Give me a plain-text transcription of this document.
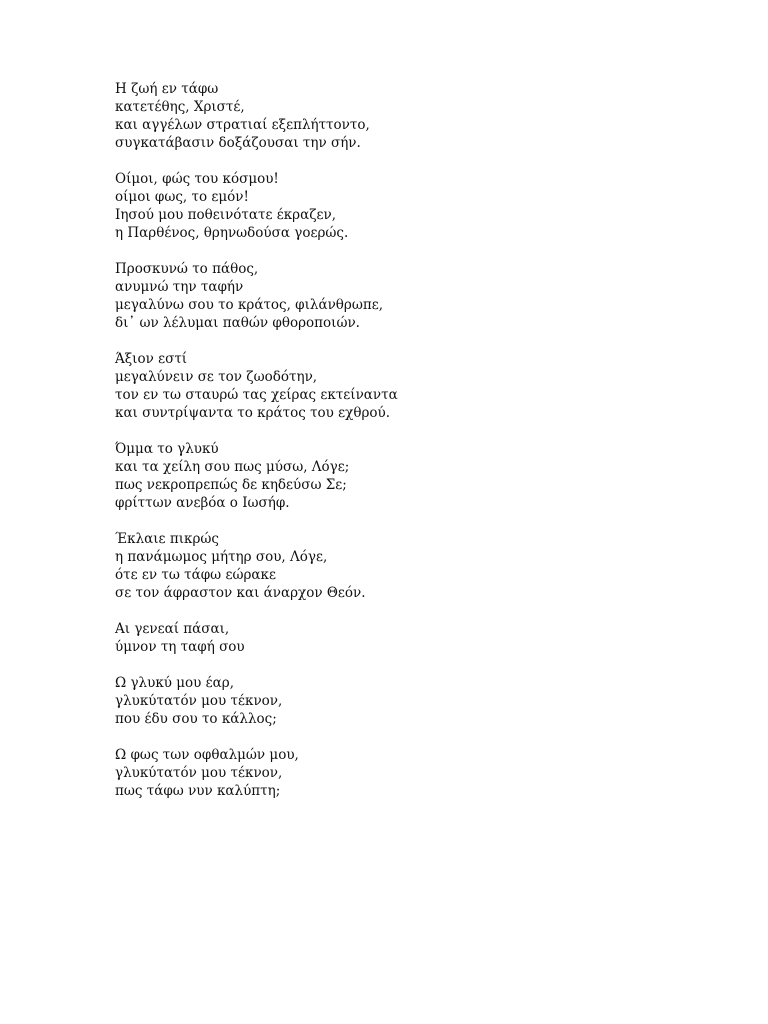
Η ζωή εν τάφω
κατετέθης, Χριστέ,
και αγγέλων στρατιαί εξεπλήττοντο,
συγκατάβασιν δοξάζουσαι την σήν.
Οίμοι, φώς του κόσμου!
οίμοι φως, το εμόν!
Ιησού μου ποθεινότατε έκραζεν,
η Παρθένος, θρηνωδούσα γοερώς.
Προσκυνώ το πάθος,
ανυμνώ την ταφήν
μεγαλύνω σου το κράτος, φιλάνθρωπε,
δι᾽ ων λέλυμαι παθών φθοροποιών.
Άξιον εστί
μεγαλύνειν σε τον ζωοδότην,
τον εν τω σταυρώ τας χείρας εκτείναντα
και συντρίψαντα το κράτος του εχθρού.
Όμμα το γλυκύ
και τα χείλη σου πως μύσω, Λόγε;
πως νεκροπρεπώς δε κηδεύσω Σε;
φρίττων ανεβόα ο Ιωσήφ.
Έκλαιε πικρώς
η πανάμωμος μήτηρ σου, Λόγε,
ότε εν τω τάφω εώρακε
σε τον άφραστον και άναρχον Θεόν.
Αι γενεαί πάσαι,
ύμνον τη ταφή σου
Ω γλυκύ μου έαρ,
γλυκύτατόν μου τέκνον,
που έδυ σου το κάλλος;
Ω φως των οφθαλμών μου,
γλυκύτατόν μου τέκνον,
πως τάφω νυν καλύπτη;
